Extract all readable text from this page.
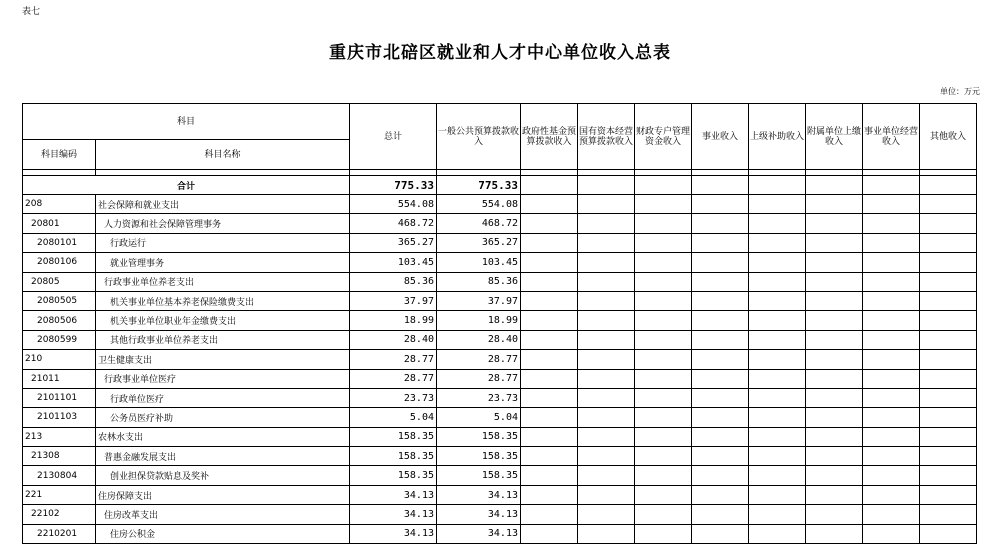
表七
重庆市北碚区就业和人才中心单位收入总表
单位：万元
科目		总计	一般公共预算拨款收入	政府性基金预算拨款收入	国有资本经营预算拨款收入	财政专户管理资金收入	事业收入	上级补助收入	附属单位上缴收入	事业单位经营收入	其他收入
科目编码	科目名称										

合计		775.33	775.33								
208	社会保障和就业支出	554.08	554.08								
20801	人力资源和社会保障管理事务	468.72	468.72								
2080101	行政运行	365.27	365.27								
2080106	就业管理事务	103.45	103.45								
20805	行政事业单位养老支出	85.36	85.36								
2080505	机关事业单位基本养老保险缴费支出	37.97	37.97								
2080506	机关事业单位职业年金缴费支出	18.99	18.99								
2080599	其他行政事业单位养老支出	28.40	28.40								
210	卫生健康支出	28.77	28.77								
21011	行政事业单位医疗	28.77	28.77								
2101101	行政单位医疗	23.73	23.73								
2101103	公务员医疗补助	5.04	5.04								
213	农林水支出	158.35	158.35								
21308	普惠金融发展支出	158.35	158.35								
2130804	创业担保贷款贴息及奖补	158.35	158.35								
221	住房保障支出	34.13	34.13								
22102	住房改革支出	34.13	34.13								
2210201	住房公积金	34.13	34.13								
